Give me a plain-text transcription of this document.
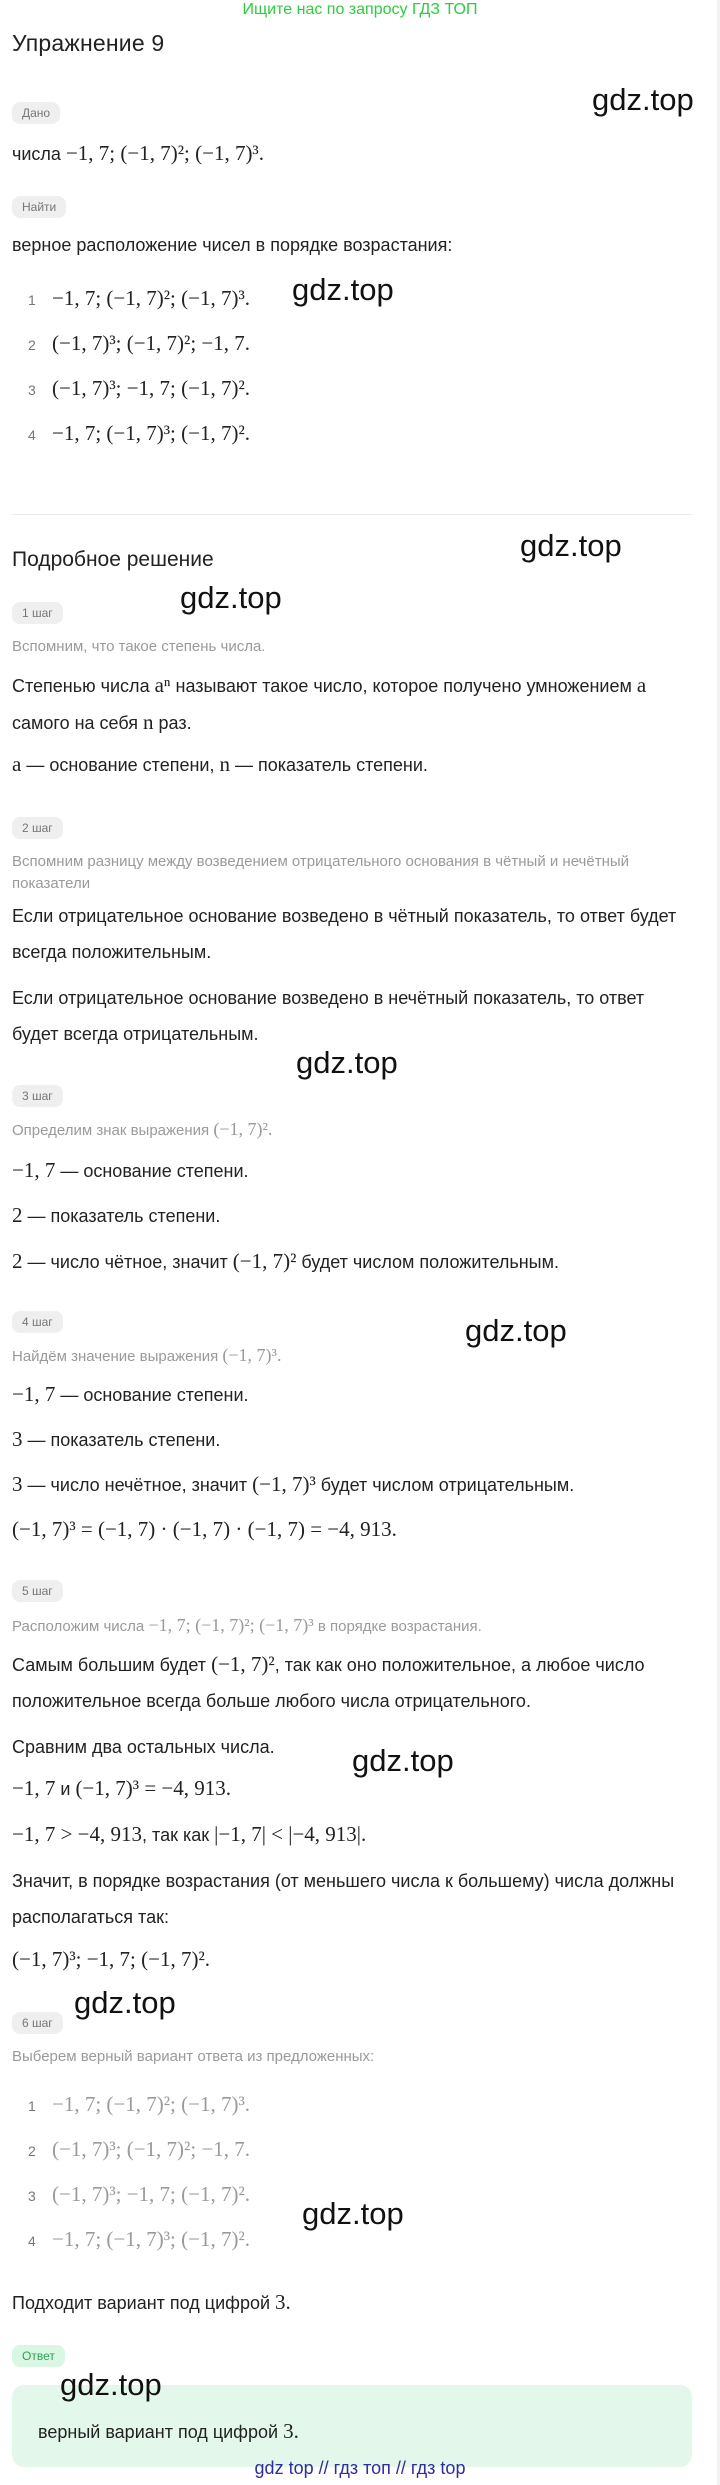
Ищите нас по запросу ГДЗ ТОП
Упражнение 9
Дано
числа −1, 7; (−1, 7)²; (−1, 7)³.
Найти
верное расположение чисел в порядке возрастания:
1 −1, 7; (−1, 7)²; (−1, 7)³.
2 (−1, 7)³; (−1, 7)²; −1, 7.
3 (−1, 7)³; −1, 7; (−1, 7)².
4 −1, 7; (−1, 7)³; (−1, 7)².
Подробное решение
1 шаг
Вспомним, что такое степень числа.
Степенью числа aⁿ называют такое число, которое получено умножением a
самого на себя n раз.
a — основание степени, n — показатель степени.
2 шаг
Вспомним разницу между возведением отрицательного основания в чётный и нечётный показатели
Если отрицательное основание возведено в чётный показатель, то ответ будет всегда положительным.
Если отрицательное основание возведено в нечётный показатель, то ответ будет всегда отрицательным.
3 шаг
Определим знак выражения (−1, 7)².
−1, 7 — основание степени.
2 — показатель степени.
2 — число чётное, значит (−1, 7)² будет числом положительным.
4 шаг
Найдём значение выражения (−1, 7)³.
−1, 7 — основание степени.
3 — показатель степени.
3 — число нечётное, значит (−1, 7)³ будет числом отрицательным.
(−1, 7)³ = (−1, 7) · (−1, 7) · (−1, 7) = −4, 913.
5 шаг
Расположим числа −1, 7; (−1, 7)²; (−1, 7)³ в порядке возрастания.
Самым большим будет (−1, 7)², так как оно положительное, а любое число
положительное всегда больше любого числа отрицательного.
Сравним два остальных числа.
−1, 7 и (−1, 7)³ = −4, 913.
−1, 7 > −4, 913, так как |−1, 7| < |−4, 913|.
Значит, в порядке возрастания (от меньшего числа к большему) числа должны располагаться так:
(−1, 7)³; −1, 7; (−1, 7)².
6 шаг
Выберем верный вариант ответа из предложенных:
1 −1, 7; (−1, 7)²; (−1, 7)³.
2 (−1, 7)³; (−1, 7)²; −1, 7.
3 (−1, 7)³; −1, 7; (−1, 7)².
4 −1, 7; (−1, 7)³; (−1, 7)².
Подходит вариант под цифрой 3.
Ответ
верный вариант под цифрой 3.
gdz.top
gdz.top
gdz.top
gdz.top
gdz.top
gdz.top
gdz.top
gdz.top
gdz.top
gdz.top
gdz top // гдз топ // гдз top
